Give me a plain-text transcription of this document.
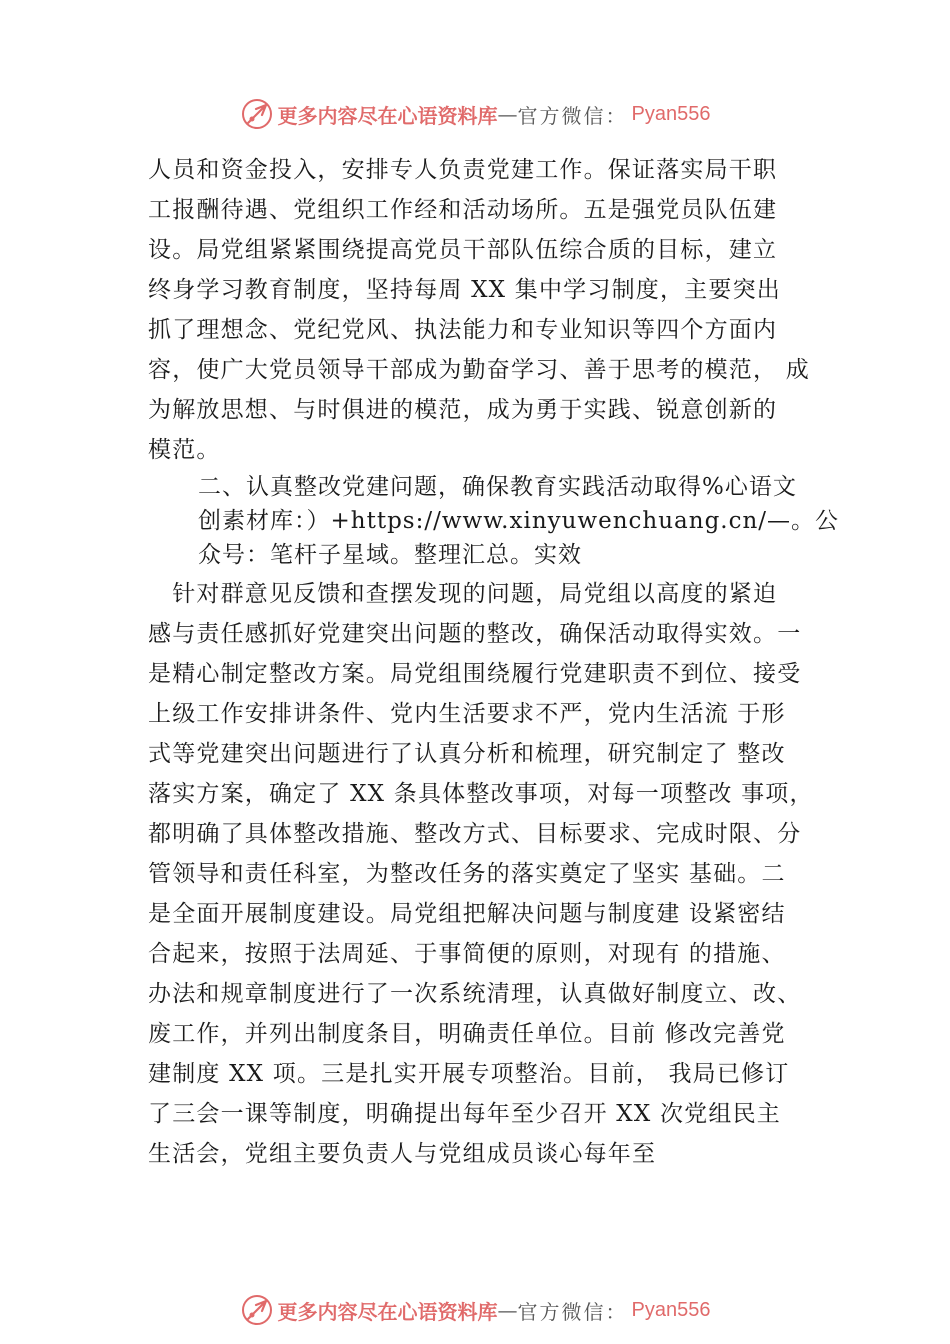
更多内容尽在心语资料库 — 官方微信： Pyan556
人员和资金投入，安排专人负责党建工作。保证落实局干职
工报酬待遇、党组织工作经和活动场所。五是强党员队伍建
设。局党组紧紧围绕提高党员干部队伍综合质的目标，建立
终身学习教育制度，坚持每周 XX 集中学习制度，主要突出
抓了理想念、党纪党风、执法能力和专业知识等四个方面内
容，使广大党员领导干部成为勤奋学习、善于思考的模范， 成
为解放思想、与时俱进的模范，成为勇于实践、锐意创新的
模范。
二、认真整改党建问题，确保教育实践活动取得%心语文
创素材库：）+https://www.xinyuwenchuang.cn/—。公
众号：笔杆子星域。整理汇总。实效
　针对群意见反馈和查摆发现的问题，局党组以高度的紧迫
感与责任感抓好党建突出问题的整改，确保活动取得实效。一
是精心制定整改方案。局党组围绕履行党建职责不到位、接受
上级工作安排讲条件、党内生活要求不严，党内生活流 于形
式等党建突出问题进行了认真分析和梳理，研究制定了 整改
落实方案，确定了 XX 条具体整改事项，对每一项整改 事项，
都明确了具体整改措施、整改方式、目标要求、完成时限、分
管领导和责任科室，为整改任务的落实奠定了坚实 基础。二
是全面开展制度建设。局党组把解决问题与制度建 设紧密结
合起来，按照于法周延、于事简便的原则，对现有 的措施、
办法和规章制度进行了一次系统清理，认真做好制度立、改、
废工作，并列出制度条目，明确责任单位。目前 修改完善党
建制度 XX 项。三是扎实开展专项整治。目前， 我局已修订
了三会一课等制度，明确提出每年至少召开 XX 次党组民主
生活会，党组主要负责人与党组成员谈心每年至
更多内容尽在心语资料库 — 官方微信： Pyan556
